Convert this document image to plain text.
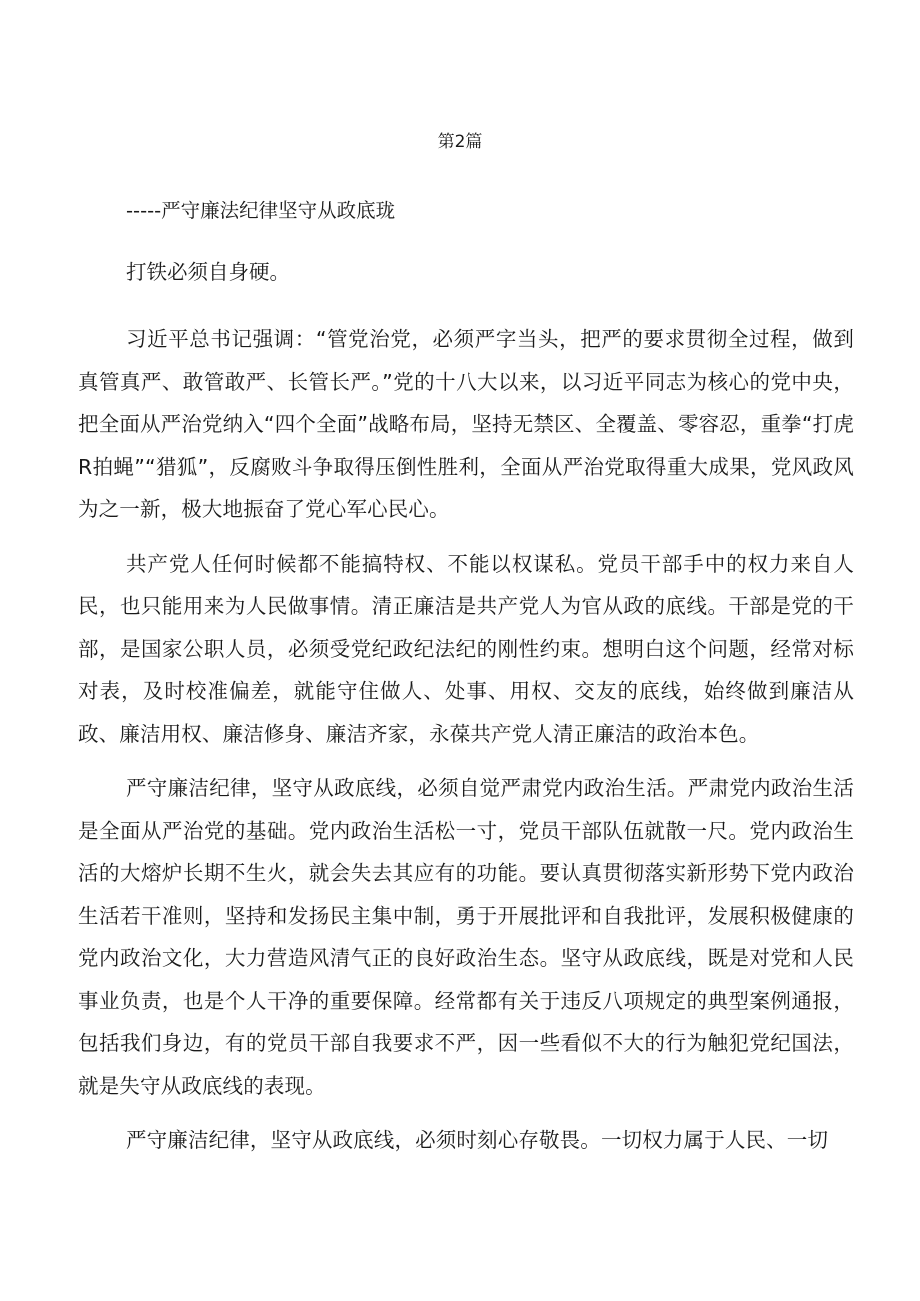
第2篇
-----严守廉法纪律坚守从政底珑
打铁必须自身硬。

习近平总书记强调：“管党治党，必须严字当头，把严的要求贯彻全过程，做到真管真严、敢管敢严、长管长严。”党的十八大以来，以习近平同志为核心的党中央，把全面从严治党纳入“四个全面”战略布局，坚持无禁区、全覆盖、零容忍，重拳“打虎R拍蝇”“猎狐”，反腐败斗争取得压倒性胜利，全面从严治党取得重大成果，党风政风为之一新，极大地振奋了党心军心民心。

共产党人任何时候都不能搞特权、不能以权谋私。党员干部手中的权力来自人民，也只能用来为人民做事情。清正廉洁是共产党人为官从政的底线。干部是党的干部，是国家公职人员，必须受党纪政纪法纪的刚性约束。想明白这个问题，经常对标对表，及时校准偏差，就能守住做人、处事、用权、交友的底线，始终做到廉洁从政、廉洁用权、廉洁修身、廉洁齐家，永葆共产党人清正廉洁的政治本色。

严守廉洁纪律，坚守从政底线，必须自觉严肃党内政治生活。严肃党内政治生活是全面从严治党的基础。党内政治生活松一寸，党员干部队伍就散一尺。党内政治生活的大熔炉长期不生火，就会失去其应有的功能。要认真贯彻落实新形势下党内政治生活若干准则，坚持和发扬民主集中制，勇于开展批评和自我批评，发展积极健康的党内政治文化，大力营造风清气正的良好政治生态。坚守从政底线，既是对党和人民事业负责，也是个人干净的重要保障。经常都有关于违反八项规定的典型案例通报，包括我们身边，有的党员干部自我要求不严，因一些看似不大的行为触犯党纪国法，就是失守从政底线的表现。

严守廉洁纪律，坚守从政底线，必须时刻心存敬畏。一切权力属于人民、一切
